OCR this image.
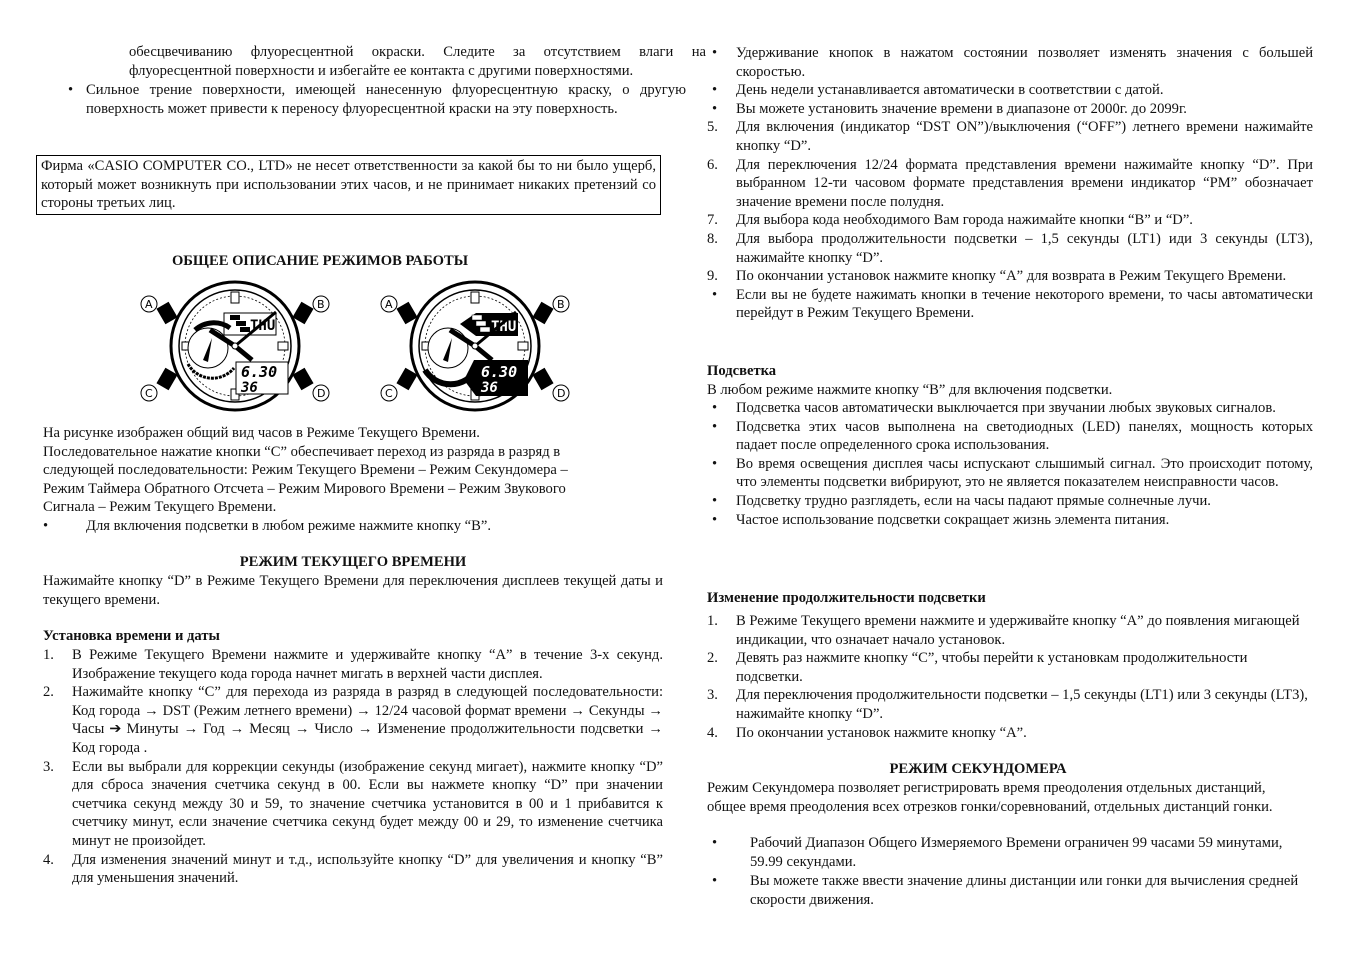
обесцвечиванию флуоресцентной окраски. Следите за отсутствием влаги на флуоресцентной поверхности и избегайте ее контакта с другими поверхностями.

• Сильное трение поверхности, имеющей нанесенную флуоресцентную краску, о другую поверхность может привести к переносу флуоресцентной краски на эту поверхность.
Фирма «CASIO COMPUTER CO., LTD» не несет ответственности за какой бы то ни было ущерб, который может возникнуть при использовании этих часов, и не принимает никаких претензий со стороны третьих лиц.

ОБЩЕЕ ОПИСАНИЕ РЕЖИМОВ РАБОТЫ

THU
6.30
36
A	B
C	D
THU
6.30
36
A	B
C	D
На рисунке изображен общий вид часов в Режиме Текущего Времени.
Последовательное нажатие кнопки “C” обеспечивает переход из разряда в разряд в
следующей последовательности: Режим Текущего Времени – Режим Секундомера –
Режим Таймера Обратного Отсчета – Режим Мирового Времени – Режим Звукового
Сигнала – Режим Текущего Времени.
•	Для включения подсветки в любом режиме нажмите кнопку “B”.

РЕЖИМ ТЕКУЩЕГО ВРЕМЕНИ

Нажимайте кнопку “D” в Режиме Текущего Времени для переключения дисплеев текущей даты и текущего времени.

Установка времени и даты

1.	В Режиме Текущего Времени нажмите и удерживайте кнопку “A” в течение 3-х секунд. Изображение текущего кода города начнет мигать в верхней части дисплея.
2.	Нажимайте кнопку “C” для перехода из разряда в разряд в следующей последовательности: Код города → DST (Режим летнего времени) → 12/24 часовой формат времени → Секунды → Часы ➔ Минуты → Год → Месяц → Число → Изменение продолжительности подсветки → Код города .
3.	Если вы выбрали для коррекции секунды (изображение секунд мигает), нажмите кнопку “D” для сброса значения счетчика секунд в 00. Если вы нажмете кнопку “D” при значении счетчика секунд между 30 и 59, то значение счетчика установится в 00 и 1 прибавится к счетчику минут, если значение счетчика секунд будет между 00 и 29, то изменение счетчика минут не произойдет.
4.	Для изменения значений минут и т.д., используйте кнопку “D” для увеличения и кнопку “B” для уменьшения значений.
•	Удерживание кнопок в нажатом состоянии позволяет изменять значения с большей скоростью.
•	День недели устанавливается автоматически в соответствии с датой.
•	Вы можете установить значение времени в диапазоне от 2000г. до 2099г.
5.	Для включения (индикатор “DST ON”)/выключения (“OFF”) летнего времени нажимайте кнопку “D”.
6.	Для переключения 12/24 формата представления времени нажимайте кнопку “D”. При выбранном 12-ти часовом формате представления времени индикатор “PM” обозначает значение времени после полудня.
7.	Для выбора кода необходимого Вам города нажимайте кнопки “B” и “D”.
8.	Для выбора продолжительности подсветки – 1,5 секунды (LT1) иди 3 секунды (LT3), нажимайте кнопку “D”.
9.	По окончании установок нажмите кнопку “A” для возврата в Режим Текущего Времени.
•	Если вы не будете нажимать кнопки в течение некоторого времени, то часы автоматически перейдут в Режим Текущего Времени.

Подсветка

В любом режиме нажмите кнопку “B” для включения подсветки.

•	Подсветка часов автоматически выключается при звучании любых звуковых сигналов.
•	Подсветка этих часов выполнена на светодиодных (LED) панелях, мощность которых падает после определенного срока использования.
•	Во время освещения дисплея часы испускают слышимый сигнал. Это происходит потому, что элементы подсветки вибрируют, это не является показателем неисправности часов.
•	Подсветку трудно разглядеть, если на часы падают прямые солнечные лучи.
•	Частое использование подсветки сокращает жизнь элемента питания.

Изменение продолжительности подсветки

1.	В Режиме Текущего времени нажмите и удерживайте кнопку “A” до появления мигающей индикации, что означает начало установок.
2.	Девять раз нажмите кнопку “C”, чтобы перейти к установкам продолжительности подсветки.
3.	Для переключения продолжительности подсветки – 1,5 секунды (LT1) или 3 секунды (LT3), нажимайте кнопку “D”.
4.	По окончании установок нажмите кнопку “A”.

РЕЖИМ СЕКУНДОМЕРА

Режим Секундомера позволяет регистрировать время преодоления отдельных дистанций, общее время преодоления всех отрезков гонки/соревнований, отдельных дистанций гонки.

•	Рабочий Диапазон Общего Измеряемого Времени ограничен 99 часами 59 минутами, 59.99 секундами.
•	Вы можете также ввести значение длины дистанции или гонки для вычисления средней скорости движения.
